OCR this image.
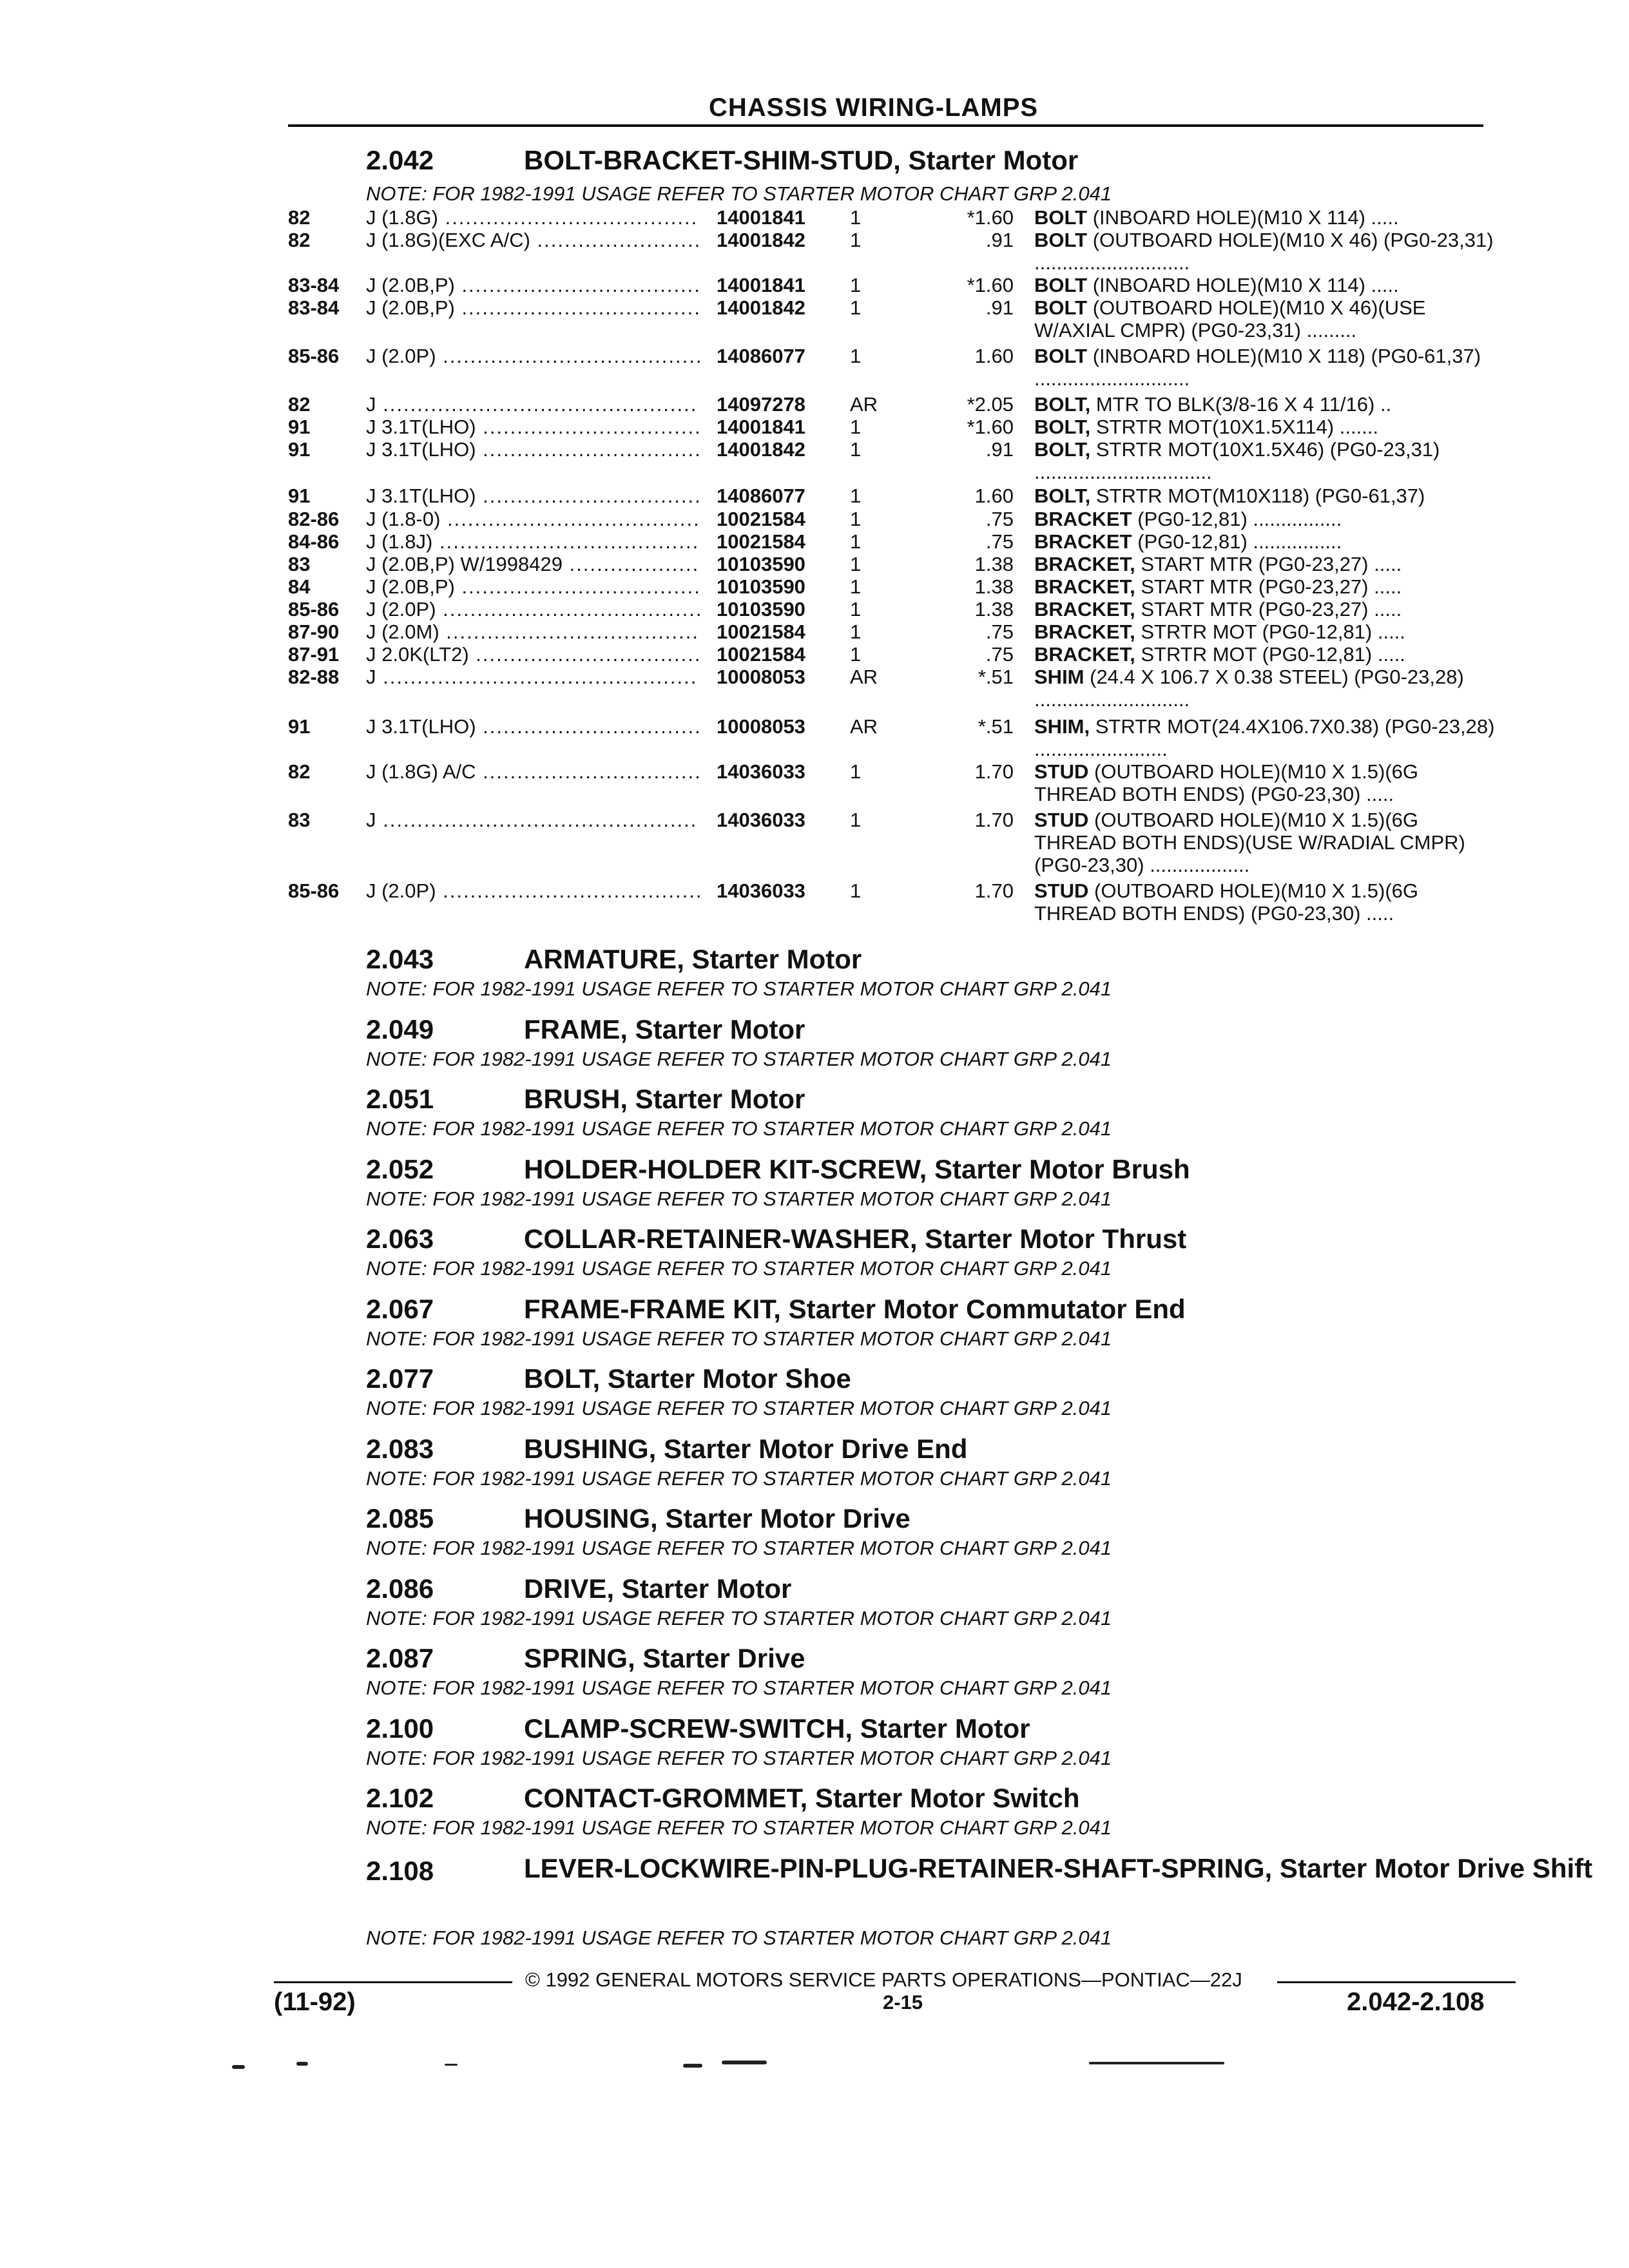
CHASSIS WIRING-LAMPS
2.042	BOLT-BRACKET-SHIM-STUD, Starter Motor
NOTE: FOR 1982-1991 USAGE REFER TO STARTER MOTOR CHART GRP 2.041
82	J (1.8G) ..................................... 14001841 1	*1.60 BOLT (INBOARD HOLE)(M10 X 114) .....
82	J (1.8G)(EXC A/C) ........................ 14001842 1	.91 BOLT (OUTBOARD HOLE)(M10 X 46) (PG0-23,31) ............................
83-84 J (2.0B,P) ................................... 14001841 1	*1.60 BOLT (INBOARD HOLE)(M10 X 114) .....
83-84 J (2.0B,P) ................................... 14001842 1	.91 BOLT (OUTBOARD HOLE)(M10 X 46)(USE W/AXIAL CMPR) (PG0-23,31) .........
85-86 J (2.0P) ...................................... 14086077 1	1.60 BOLT (INBOARD HOLE)(M10 X 118) (PG0-61,37) ............................
82	J .............................................. 14097278 AR	*2.05 BOLT, MTR TO BLK(3/8-16 X 4 11/16) ..
91	J 3.1T(LHO) ................................ 14001841 1	*1.60 BOLT, STRTR MOT(10X1.5X114) .......
91	J 3.1T(LHO) ................................ 14001842 1	.91 BOLT, STRTR MOT(10X1.5X46) (PG0-23,31) ................................
91	J 3.1T(LHO) ................................ 14086077 1	1.60 BOLT, STRTR MOT(M10X118) (PG0-61,37)
82-86 J (1.8-0) ..................................... 10021584 1	.75 BRACKET (PG0-12,81) ................
84-86 J (1.8J) ...................................... 10021584 1	.75 BRACKET (PG0-12,81) ................
83	J (2.0B,P) W/1998429 ................... 10103590 1	1.38 BRACKET, START MTR (PG0-23,27) .....
84	J (2.0B,P) ................................... 10103590 1	1.38 BRACKET, START MTR (PG0-23,27) .....
85-86 J (2.0P) ...................................... 10103590 1	1.38 BRACKET, START MTR (PG0-23,27) .....
87-90 J (2.0M) ..................................... 10021584 1	.75 BRACKET, STRTR MOT (PG0-12,81) .....
87-91 J 2.0K(LT2) ................................. 10021584 1	.75 BRACKET, STRTR MOT (PG0-12,81) .....
82-88 J .............................................. 10008053 AR	*.51 SHIM (24.4 X 106.7 X 0.38 STEEL) (PG0-23,28) ............................
91	J 3.1T(LHO) ................................ 10008053 AR	*.51 SHIM, STRTR MOT(24.4X106.7X0.38) (PG0-23,28) ........................
82	J (1.8G) A/C ................................ 14036033 1	1.70 STUD (OUTBOARD HOLE)(M10 X 1.5)(6G THREAD BOTH ENDS) (PG0-23,30) .....
83	J .............................................. 14036033 1	1.70 STUD (OUTBOARD HOLE)(M10 X 1.5)(6G THREAD BOTH ENDS)(USE W/RADIAL CMPR) (PG0-23,30) ..................
85-86 J (2.0P) ...................................... 14036033 1	1.70 STUD (OUTBOARD HOLE)(M10 X 1.5)(6G THREAD BOTH ENDS) (PG0-23,30) .....
2.043	ARMATURE, Starter Motor
NOTE: FOR 1982-1991 USAGE REFER TO STARTER MOTOR CHART GRP 2.041
2.049	FRAME, Starter Motor
NOTE: FOR 1982-1991 USAGE REFER TO STARTER MOTOR CHART GRP 2.041
2.051	BRUSH, Starter Motor
NOTE: FOR 1982-1991 USAGE REFER TO STARTER MOTOR CHART GRP 2.041
2.052	HOLDER-HOLDER KIT-SCREW, Starter Motor Brush
NOTE: FOR 1982-1991 USAGE REFER TO STARTER MOTOR CHART GRP 2.041
2.063	COLLAR-RETAINER-WASHER, Starter Motor Thrust
NOTE: FOR 1982-1991 USAGE REFER TO STARTER MOTOR CHART GRP 2.041
2.067	FRAME-FRAME KIT, Starter Motor Commutator End
NOTE: FOR 1982-1991 USAGE REFER TO STARTER MOTOR CHART GRP 2.041
2.077	BOLT, Starter Motor Shoe
NOTE: FOR 1982-1991 USAGE REFER TO STARTER MOTOR CHART GRP 2.041
2.083	BUSHING, Starter Motor Drive End
NOTE: FOR 1982-1991 USAGE REFER TO STARTER MOTOR CHART GRP 2.041
2.085	HOUSING, Starter Motor Drive
NOTE: FOR 1982-1991 USAGE REFER TO STARTER MOTOR CHART GRP 2.041
2.086	DRIVE, Starter Motor
NOTE: FOR 1982-1991 USAGE REFER TO STARTER MOTOR CHART GRP 2.041
2.087	SPRING, Starter Drive
NOTE: FOR 1982-1991 USAGE REFER TO STARTER MOTOR CHART GRP 2.041
2.100	CLAMP-SCREW-SWITCH, Starter Motor
NOTE: FOR 1982-1991 USAGE REFER TO STARTER MOTOR CHART GRP 2.041
2.102	CONTACT-GROMMET, Starter Motor Switch
NOTE: FOR 1982-1991 USAGE REFER TO STARTER MOTOR CHART GRP 2.041
2.108	LEVER-LOCKWIRE-PIN-PLUG-RETAINER-SHAFT-SPRING, Starter Motor Drive Shift
NOTE: FOR 1982-1991 USAGE REFER TO STARTER MOTOR CHART GRP 2.041
© 1992 GENERAL MOTORS SERVICE PARTS OPERATIONS—PONTIAC—22J
(11-92)	2-15	2.042-2.108
